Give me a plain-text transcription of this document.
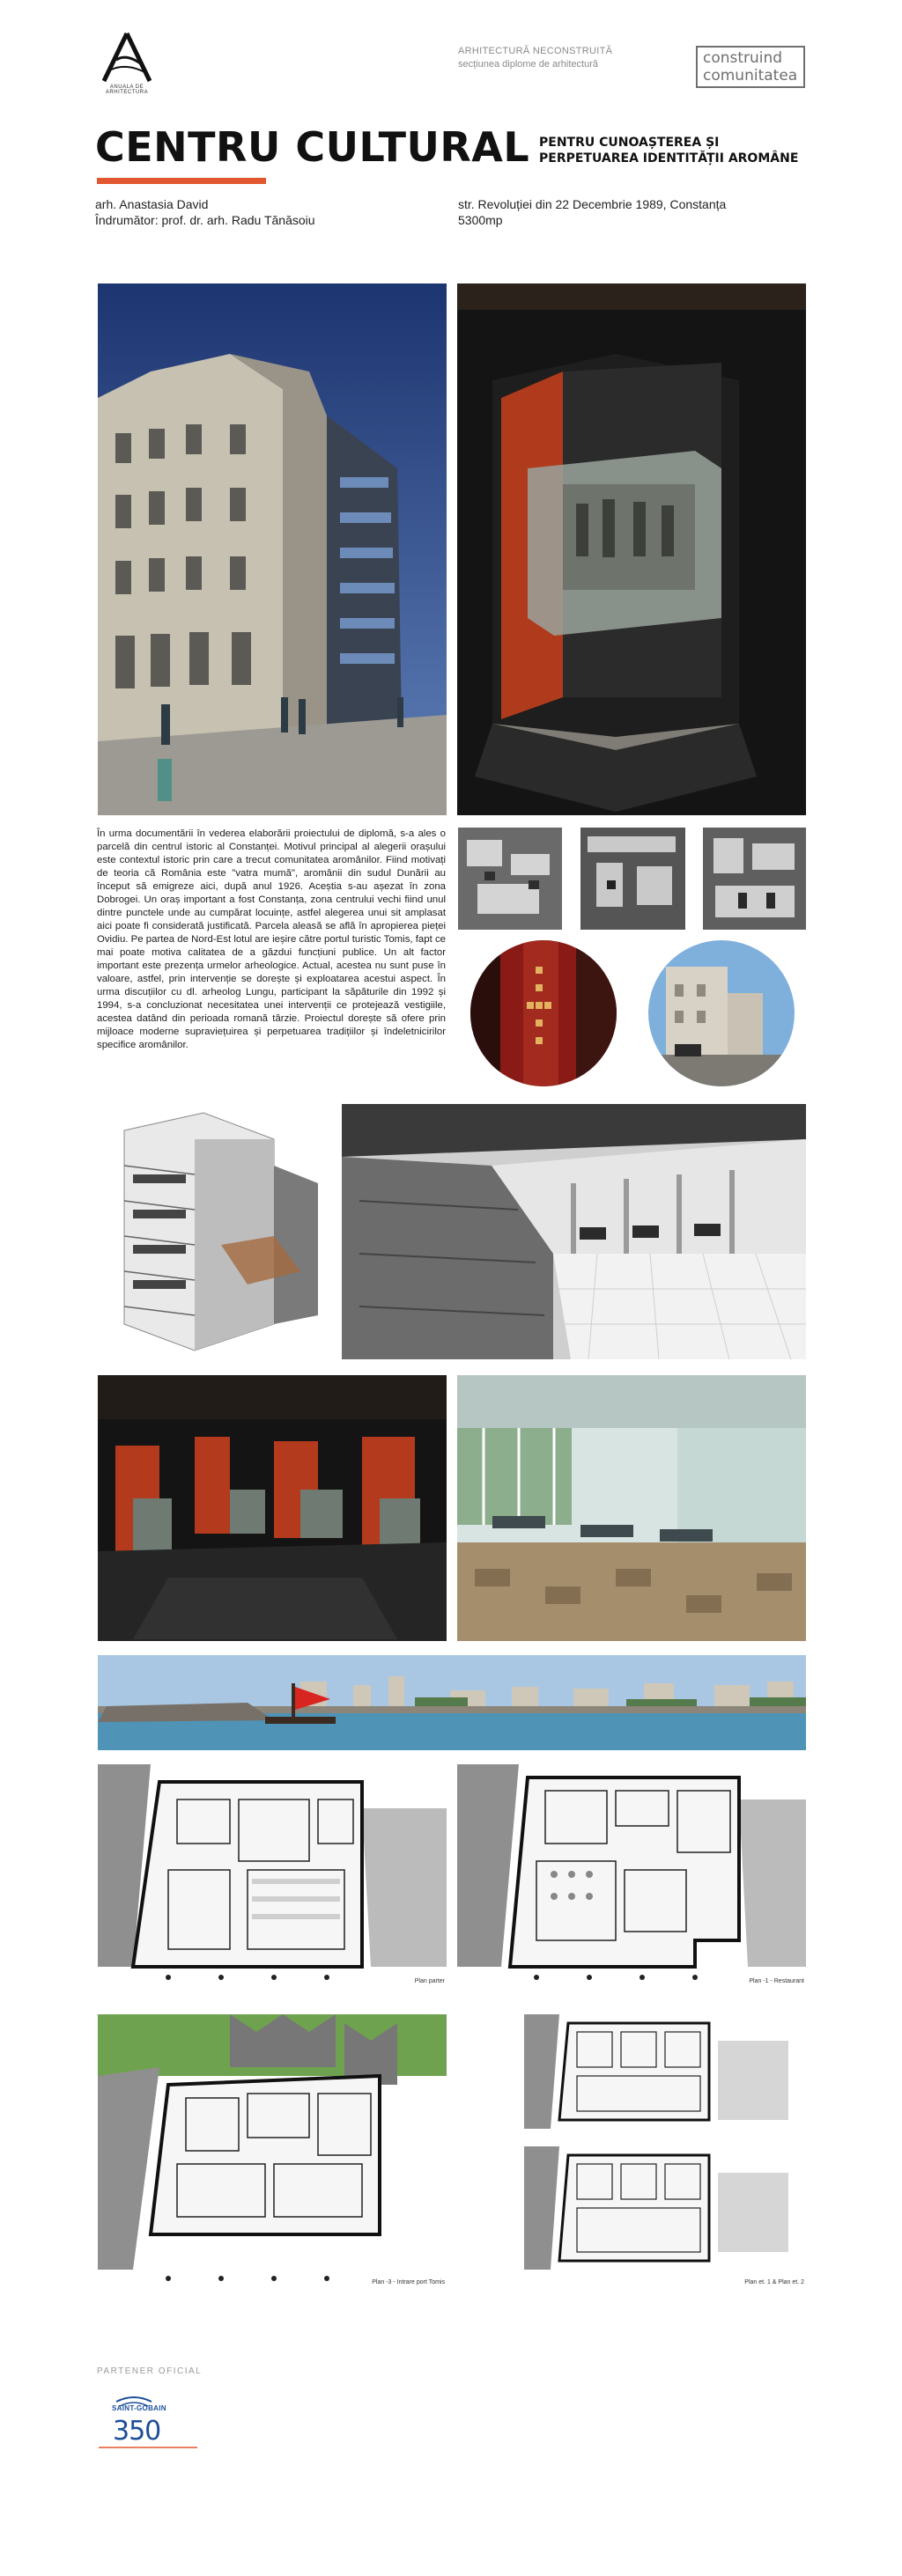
ANUALA DE ARHITECTURA
ARHITECTURĂ NECONSTRUITĂ
secțiunea diplome de arhitectură	construind
comunitatea
CENTRU CULTURAL PENTRU CUNOAȘTEREA ȘI PERPETUAREA IDENTITĂȚII AROMÂNE
arh. Anastasia David
Îndrumător: prof. dr. arh. Radu Tănăsoiu
str. Revoluției din 22 Decembrie 1989, Constanța
5300mp
În urma documentării în vederea elaborării proiectului de diplomă, s-a ales o parcelă din centrul istoric al Constanței. Motivul principal al alegerii orașului este contextul istoric prin care a trecut comunitatea aromânilor. Fiind motivați de teoria că România este "vatra mumă", aromânii din sudul Dunării au început să emigreze aici, după anul 1926. Aceștia s-au așezat în zona Dobrogei. Un oraș important a fost Constanța, zona centrului vechi fiind unul dintre punctele unde au cumpărat locuințe, astfel alegerea unui sit amplasat aici poate fi considerată justificată. Parcela aleasă se află în apropierea pieței Ovidiu. Pe partea de Nord-Est lotul are ieșire către portul turistic Tomis, fapt ce mai poate motiva calitatea de a găzdui funcțiuni publice. Un alt factor important este prezența urmelor arheologice. Actual, acestea nu sunt puse în valoare, astfel, prin intervenție se dorește și exploatarea acestui aspect. În urma discuțiilor cu dl. arheolog Lungu, participant la săpăturile din 1992 și 1994, s-a concluzionat necesitatea unei intervenții ce protejează vestigiile, acestea datând din perioada romană târzie. Proiectul dorește să ofere prin mijloace moderne supraviețuirea și perpetuarea tradițiilor și îndeletnicirilor specifice aromânilor.
Plan parter	Plan -1 - Restaurant
Plan -3 - Intrare port Tomis	Plan et. 1 & Plan et. 2
PARTENER OFICIAL
SAINT-GOBAIN
350
